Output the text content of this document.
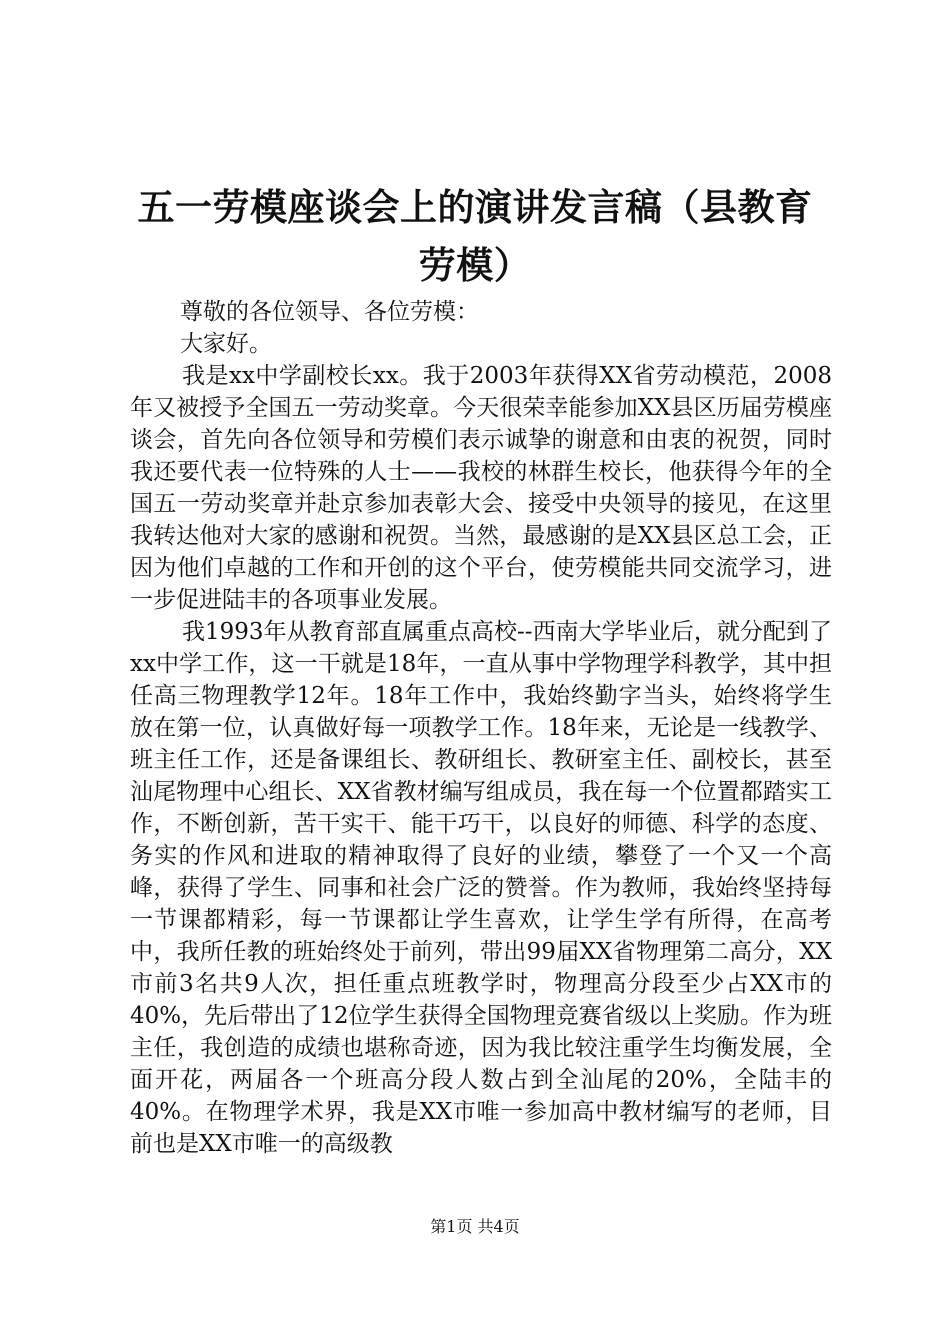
五一劳模座谈会上的演讲发言稿（县教育劳模）

尊敬的各位领导、各位劳模：

大家好。

我是xx中学副校长xx。我于2003年获得XX省劳动模范，2008年又被授予全国五一劳动奖章。今天很荣幸能参加XX县区历届劳模座谈会，首先向各位领导和劳模们表示诚挚的谢意和由衷的祝贺，同时我还要代表一位特殊的人士——我校的林群生校长，他获得今年的全国五一劳动奖章并赴京参加表彰大会、接受中央领导的接见，在这里我转达他对大家的感谢和祝贺。当然，最感谢的是XX县区总工会，正因为他们卓越的工作和开创的这个平台，使劳模能共同交流学习，进一步促进陆丰的各项事业发展。

我1993年从教育部直属重点高校--西南大学毕业后，就分配到了xx中学工作，这一干就是18年，一直从事中学物理学科教学，其中担任高三物理教学12年。18年工作中，我始终勤字当头，始终将学生放在第一位，认真做好每一项教学工作。18年来，无论是一线教学、班主任工作，还是备课组长、教研组长、教研室主任、副校长，甚至汕尾物理中心组长、XX省教材编写组成员，我在每一个位置都踏实工作，不断创新，苦干实干、能干巧干，以良好的师德、科学的态度、务实的作风和进取的精神取得了良好的业绩，攀登了一个又一个高峰，获得了学生、同事和社会广泛的赞誉。作为教师，我始终坚持每一节课都精彩，每一节课都让学生喜欢，让学生学有所得，在高考中，我所任教的班始终处于前列，带出99届XX省物理第二高分，XX市前3名共9人次，担任重点班教学时，物理高分段至少占XX市的40%，先后带出了12位学生获得全国物理竞赛省级以上奖励。作为班主任，我创造的成绩也堪称奇迹，因为我比较注重学生均衡发展，全面开花，两届各一个班高分段人数占到全汕尾的20%，全陆丰的40%。在物理学术界，我是XX市唯一参加高中教材编写的老师，目前也是XX市唯一的高级教

第1页 共4页
